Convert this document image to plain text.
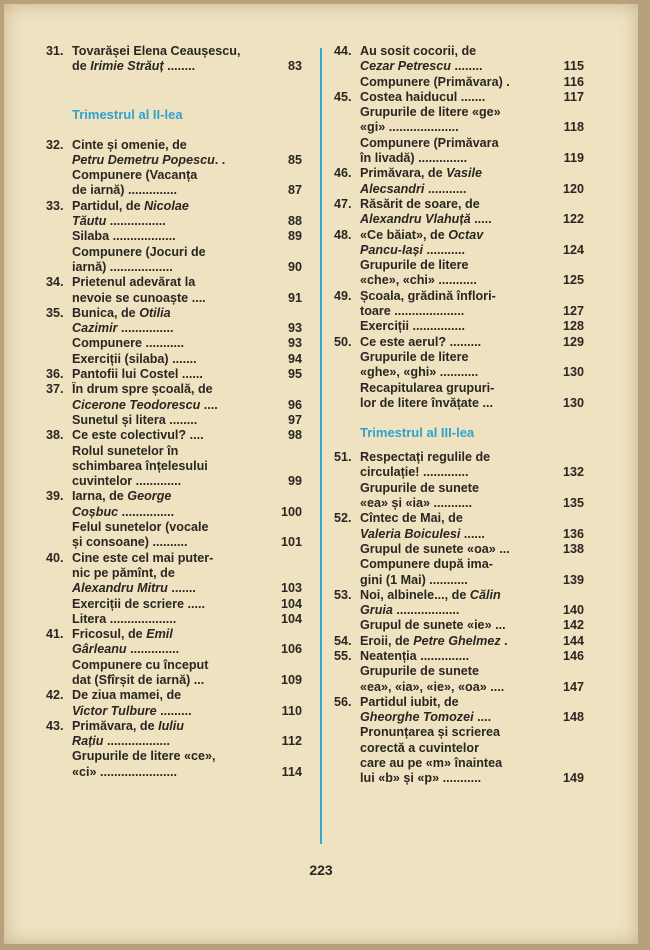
31. Tovarășei Elena Ceaușescu,
de Irimie Străuț ........	83
Trimestrul al II-lea
32. Cinte și omenie, de
Petru Demetru Popescu. .	85
Compunere (Vacanța
de iarnă) ..............	87
33. Partidul, de Nicolae
Tăutu ................	88
Silaba ..................	89
Compunere (Jocuri de
iarnă) ..................	90
34. Prietenul adevărat la
nevoie se cunoaște ....	91
35. Bunica, de Otilia
Cazimir ...............	93
Compunere ...........	93
Exerciții (silaba) .......	94
36. Pantofii lui Costel ......	95
37. În drum spre școală, de
Cicerone Teodorescu ....	96
Sunetul și litera ........	97
38. Ce este colectivul? ....	98
Rolul sunetelor în
schimbarea înțelesului
cuvintelor .............	99
39. Iarna, de George
Coșbuc ...............	100
Felul sunetelor (vocale
și consoane) ..........	101
40. Cine este cel mai puter-
nic pe pămînt, de
Alexandru Mitru .......	103
Exerciții de scriere .....	104
Litera ...................	104
41. Fricosul, de Emil
Gârleanu ..............	106
Compunere cu început
dat (Sfîrșit de iarnă) ...	109
42. De ziua mamei, de
Victor Tulbure .........	110
43. Primăvara, de Iuliu
Rațiu ..................	112
Grupurile de litere «ce»,
«ci» ......................	114
44. Au sosit cocorii, de
Cezar Petrescu ........	115
Compunere (Primăvara) .	116
45. Costea haiducul .......	117
Grupurile de litere «ge»
«gi» ....................	118
Compunere (Primăvara
în livadă) ..............	119
46. Primăvara, de Vasile
Alecsandri ...........	120
47. Răsărit de soare, de
Alexandru Vlahuță .....	122
48. «Ce băiat», de Octav
Pancu-Iași ...........	124
Grupurile de litere
«che», «chi» ...........	125
49. Școala, grădină înflori-
toare ....................	127
Exerciții ...............	128
50. Ce este aerul? .........	129
Grupurile de litere
«ghe», «ghi» ...........	130
Recapitularea grupuri-
lor de litere învățate ...	130
Trimestrul al III-lea
51. Respectați regulile de
circulație! .............	132
Grupurile de sunete
«ea» și «ia» ...........	135
52. Cîntec de Mai, de
Valeria Boiculesi ......	136
Grupul de sunete «oa» ...	138
Compunere după ima-
gini (1 Mai) ...........	139
53. Noi, albinele..., de Călin
Gruia ..................	140
Grupul de sunete «ie» ...	142
54. Eroii, de Petre Ghelmez .	144
55. Neatenția ..............	146
Grupurile de sunete
«ea», «ia», «ie», «oa» ....	147
56. Partidul iubit, de
Gheorghe Tomozei ....	148
Pronunțarea și scrierea
corectă a cuvintelor
care au pe «m» înaintea
lui «b» și «p» ...........	149
223
